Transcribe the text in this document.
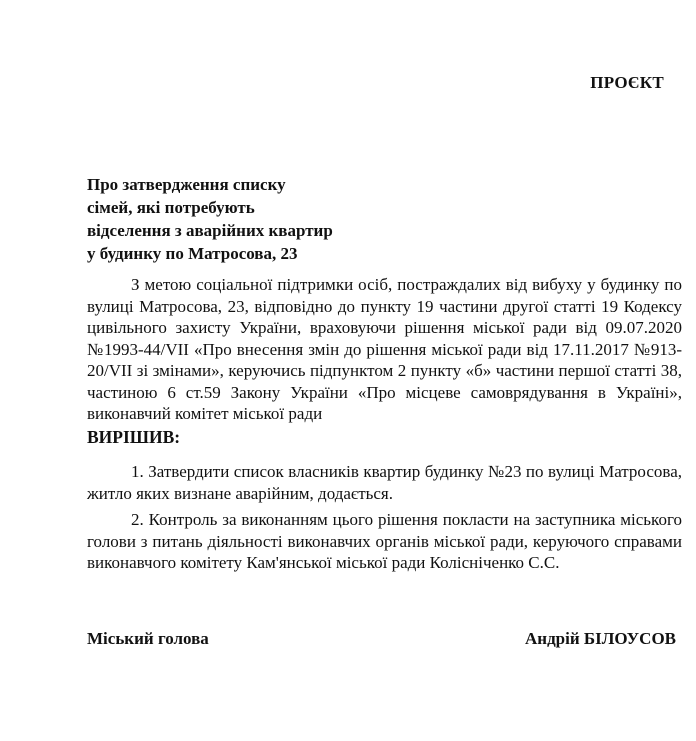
ПРОЄКТ
Про затвердження списку
сімей, які потребують
відселення з аварійних квартир
у будинку по Матросова, 23

З метою соціальної підтримки осіб, постраждалих від вибуху у будинку по вулиці Матросова, 23, відповідно до пункту 19 частини другої статті 19 Кодексу цивільного захисту України, враховуючи рішення міської ради від 09.07.2020 №1993-44/VII «Про внесення змін до рішення міської ради від 17.11.2017 №913-20/VII зі змінами», керуючись підпунктом 2 пункту «б» частини першої статті 38, частиною 6 ст.59 Закону України «Про місцеве самоврядування в Україні», виконавчий комітет міської ради

ВИРІШИВ:

1. Затвердити список власників квартир будинку №23 по вулиці Матросова, житло яких визнане аварійним, додається.

2. Контроль за виконанням цього рішення покласти на заступника міського голови з питань діяльності виконавчих органів міської ради, керуючого справами виконавчого комітету Кам'янської міської ради Колісніченко С.С.

Міський голова	Андрій БІЛОУСОВ
